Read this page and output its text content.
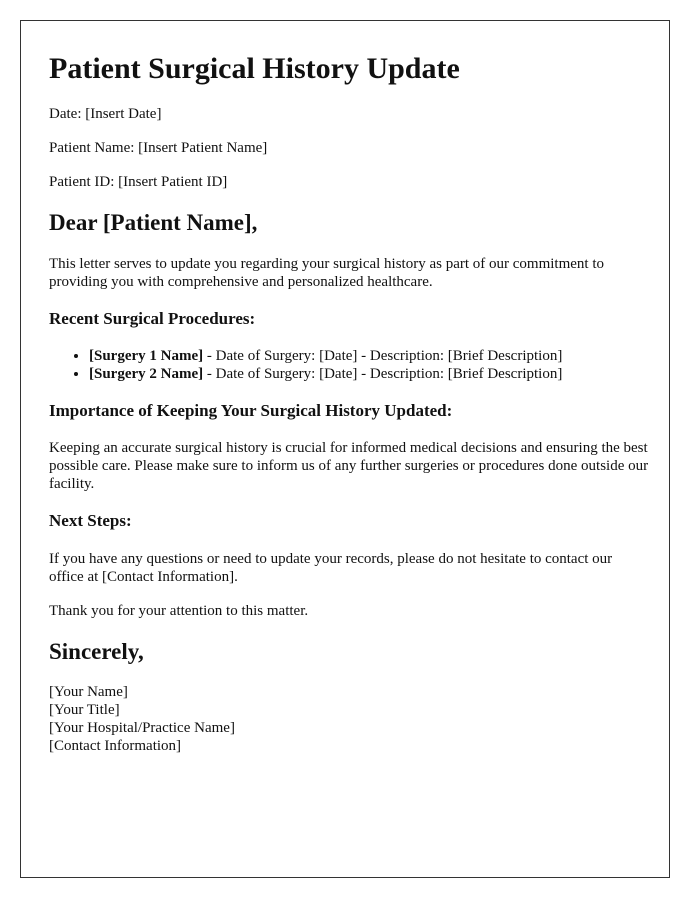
Patient Surgical History Update

Date: [Insert Date]

Patient Name: [Insert Patient Name]

Patient ID: [Insert Patient ID]

Dear [Patient Name],

This letter serves to update you regarding your surgical history as part of our commitment to providing you with comprehensive and personalized healthcare.

Recent Surgical Procedures:
• [Surgery 1 Name] - Date of Surgery: [Date] - Description: [Brief Description]
• [Surgery 2 Name] - Date of Surgery: [Date] - Description: [Brief Description]
Importance of Keeping Your Surgical History Updated:

Keeping an accurate surgical history is crucial for informed medical decisions and ensuring the best possible care. Please make sure to inform us of any further surgeries or procedures done outside our facility.

Next Steps:

If you have any questions or need to update your records, please do not hesitate to contact our office at [Contact Information].

Thank you for your attention to this matter.

Sincerely,
[Your Name]
[Your Title]
[Your Hospital/Practice Name]
[Contact Information]
